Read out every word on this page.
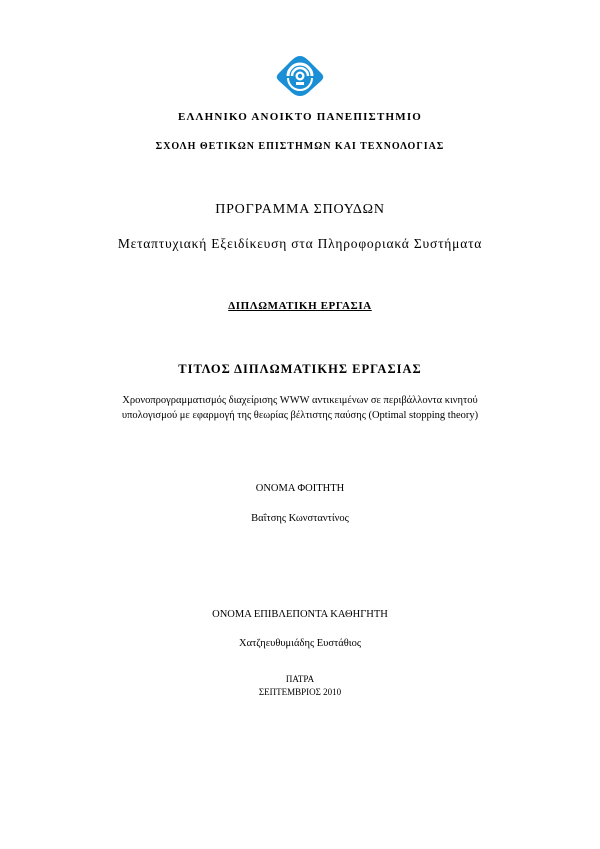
ΕΛΛΗΝΙΚΟ ΑΝΟΙΚΤΟ ΠΑΝΕΠΙΣΤΗΜΙΟ
ΣΧΟΛΗ ΘΕΤΙΚΩΝ ΕΠΙΣΤΗΜΩΝ ΚΑΙ ΤΕΧΝΟΛΟΓΙΑΣ
ΠΡΟΓΡΑΜΜΑ ΣΠΟΥΔΩΝ
Μεταπτυχιακή Εξειδίκευση στα Πληροφοριακά Συστήματα
ΔΙΠΛΩΜΑΤΙΚΗ ΕΡΓΑΣΙΑ
ΤΙΤΛΟΣ ΔΙΠΛΩΜΑΤΙΚΗΣ ΕΡΓΑΣΙΑΣ
Χρονοπρογραμματισμός διαχείρισης WWW αντικειμένων σε περιβάλλοντα κινητού
υπολογισμού με εφαρμογή της θεωρίας βέλτιστης παύσης (Optimal stopping theory)
ΟΝΟΜΑ ΦΟΙΤΗΤΗ
Βαΐτσης Κωνσταντίνος
ΟΝΟΜΑ ΕΠΙΒΛΕΠΟΝΤΑ ΚΑΘΗΓΗΤΗ
Χατζηευθυμιάδης Ευστάθιος
ΠΑΤΡΑ
ΣΕΠΤΕΜΒΡΙΟΣ 2010
